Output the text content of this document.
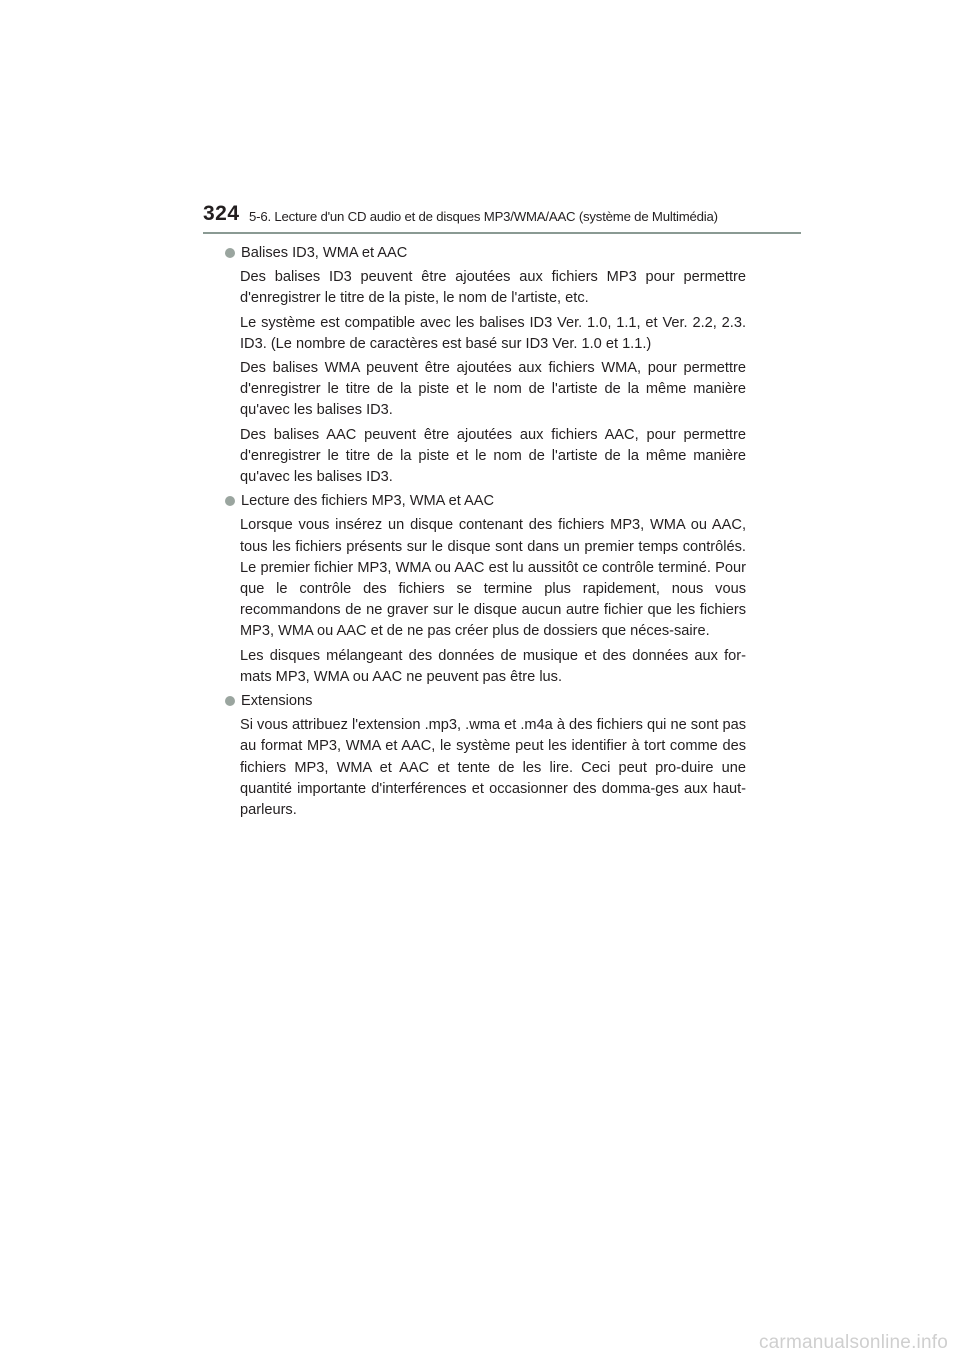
324 5-6. Lecture d'un CD audio et de disques MP3/WMA/AAC (système de Multimédia)
Balises ID3, WMA et AAC

Des balises ID3 peuvent être ajoutées aux fichiers MP3 pour permettre d'enregistrer le titre de la piste, le nom de l'artiste, etc.

Le système est compatible avec les balises ID3 Ver. 1.0, 1.1, et Ver. 2.2, 2.3. ID3. (Le nombre de caractères est basé sur ID3 Ver. 1.0 et 1.1.)

Des balises WMA peuvent être ajoutées aux fichiers WMA, pour permettre d'enregistrer le titre de la piste et le nom de l'artiste de la même manière qu'avec les balises ID3.

Des balises AAC peuvent être ajoutées aux fichiers AAC, pour permettre d'enregistrer le titre de la piste et le nom de l'artiste de la même manière qu'avec les balises ID3.

Lecture des fichiers MP3, WMA et AAC

Lorsque vous insérez un disque contenant des fichiers MP3, WMA ou AAC, tous les fichiers présents sur le disque sont dans un premier temps contrôlés. Le premier fichier MP3, WMA ou AAC est lu aussitôt ce contrôle terminé. Pour que le contrôle des fichiers se termine plus rapidement, nous vous recommandons de ne graver sur le disque aucun autre fichier que les fichiers MP3, WMA ou AAC et de ne pas créer plus de dossiers que néces-saire.

Les disques mélangeant des données de musique et des données aux for-mats MP3, WMA ou AAC ne peuvent pas être lus.

Extensions

Si vous attribuez l'extension .mp3, .wma et .m4a à des fichiers qui ne sont pas au format MP3, WMA et AAC, le système peut les identifier à tort comme des fichiers MP3, WMA et AAC et tente de les lire. Ceci peut pro-duire une quantité importante d'interférences et occasionner des domma-ges aux haut-parleurs.

carmanualsonline.info
